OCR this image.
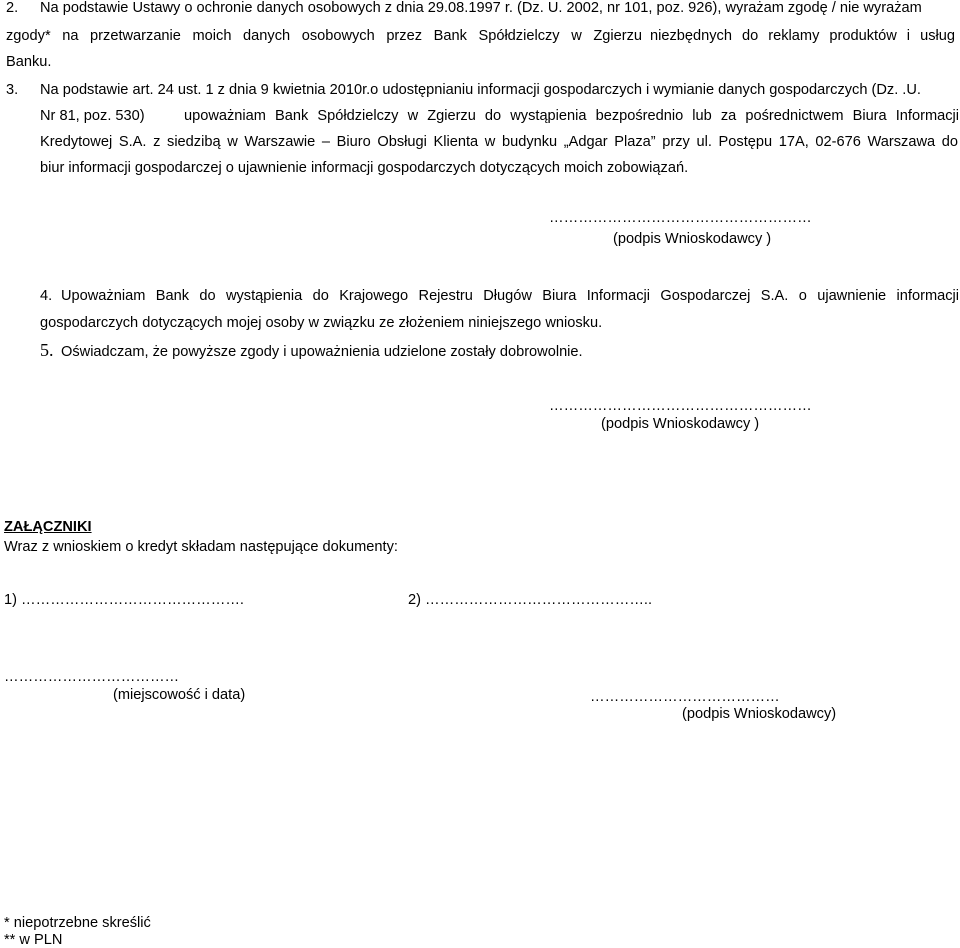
2. Na podstawie Ustawy o ochronie danych osobowych z dnia 29.08.1997 r. (Dz. U. 2002, nr 101, poz. 926), wyrażam zgodę / nie wyrażam
zgody* na przetwarzanie moich danych osobowych przez Bank Spółdzielczy w Zgierzu niezbędnych do reklamy produktów i usług
Banku.
3. Na podstawie art. 24 ust. 1 z dnia 9 kwietnia 2010r.o udostępnianiu informacji gospodarczych i wymianie danych gospodarczych (Dz. .U.
Nr 81, poz. 530)	upoważniam Bank Spółdzielczy w Zgierzu do wystąpienia bezpośrednio lub za pośrednictwem Biura Informacji
Kredytowej S.A. z siedzibą w Warszawie – Biuro Obsługi Klienta w budynku „Adgar Plaza” przy ul. Postępu 17A, 02-676 Warszawa do
biur informacji gospodarczej o ujawnienie informacji gospodarczych dotyczących moich zobowiązań.
………………………………………………
(podpis Wnioskodawcy )
4. Upoważniam Bank do wystąpienia do Krajowego Rejestru Długów Biura Informacji Gospodarczej S.A. o ujawnienie informacji
gospodarczych dotyczących mojej osoby w związku ze złożeniem niniejszego wniosku.
5. Oświadczam, że powyższe zgody i upoważnienia udzielone zostały dobrowolnie.
………………………………………………
(podpis Wnioskodawcy )
ZAŁĄCZNIKI
Wraz z wnioskiem o kredyt składam następujące dokumenty:
1) ……………………………………….	2) ………………………………………..
………………………………
(miejscowość i data)	…………………………………
(podpis Wnioskodawcy)
* niepotrzebne skreślić
** w PLN
